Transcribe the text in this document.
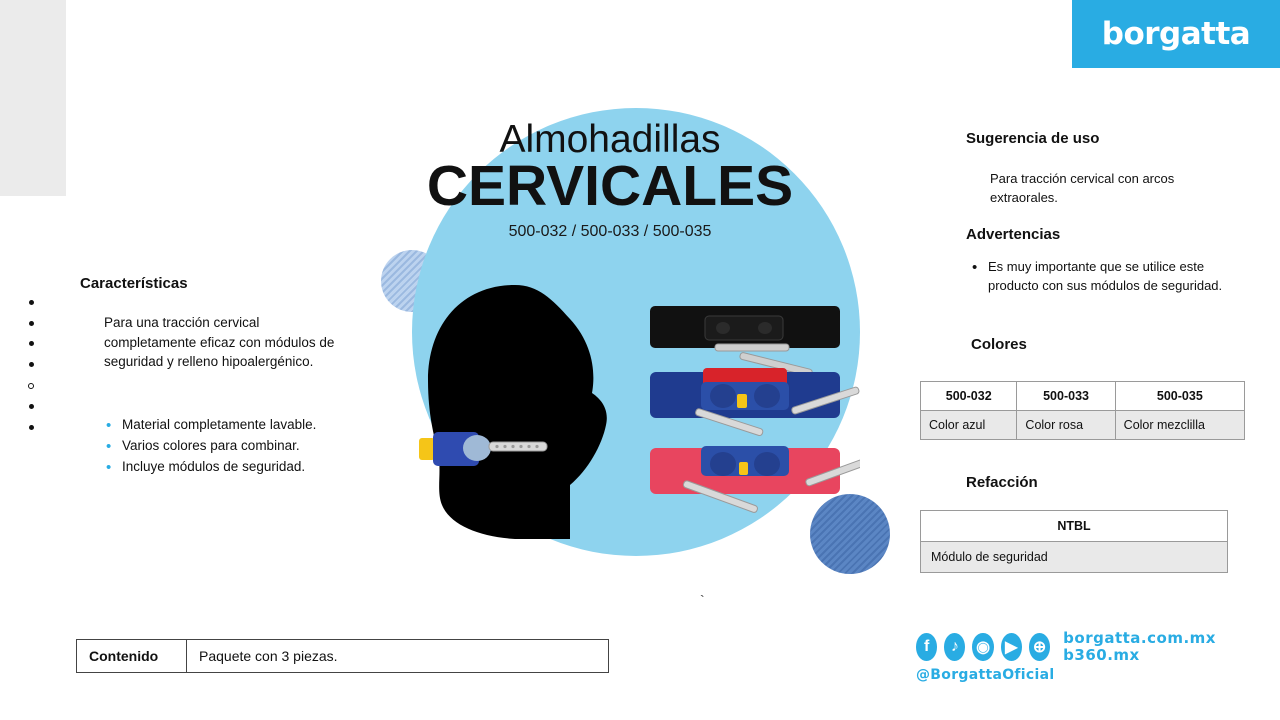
borgatta
Almohadillas
CERVICALES
500-032 / 500-033 / 500-035
`
Características
Para una tracción cervical completamente eficaz con módulos de seguridad y relleno hipoalergénico.
• Material completamente lavable.
• Varios colores para combinar.
• Incluye módulos de seguridad.
Sugerencia de uso
Para tracción cervical con arcos extraorales.
Advertencias
• Es muy importante que se utilice este producto con sus módulos de seguridad.
Colores
500-032	500-033	500-035
Color azul	Color rosa	Color mezclilla
Refacción
NTBL
Módulo de seguridad
Contenido	Paquete con 3 piezas.
f	♪	◉ ▶ ⊕ borgatta.com.mx
b360.mx
@BorgattaOficial
